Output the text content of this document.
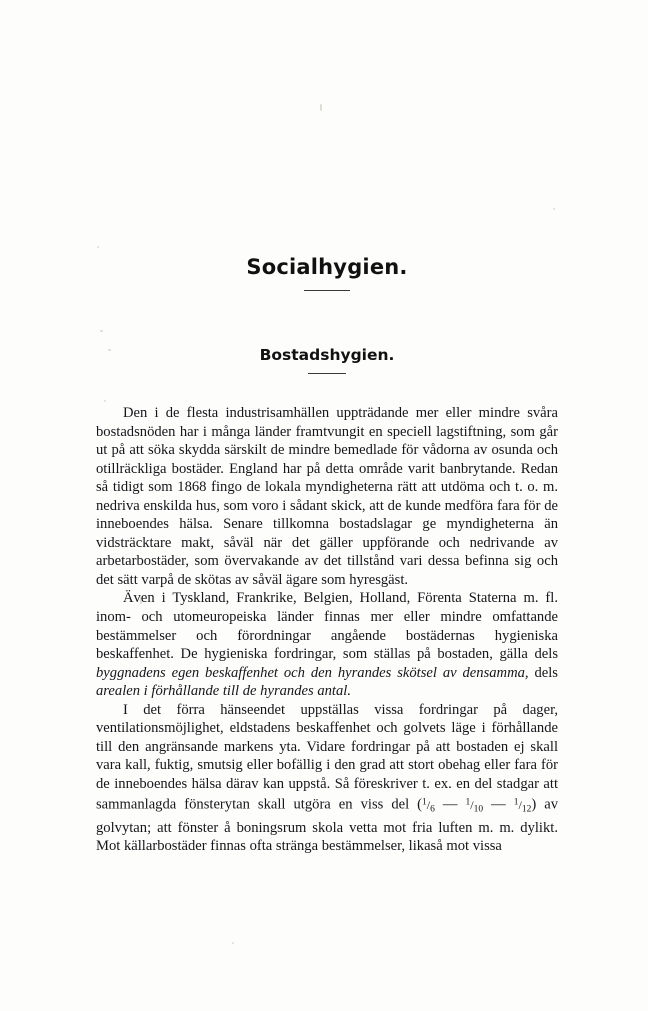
Socialhygien.
Bostadshygien.

Den i de flesta industrisamhällen uppträdande mer eller mindre svåra bostadsnöden har i många länder framtvungit en speciell lagstiftning, som går ut på att söka skydda särskilt de mindre bemedlade för vådorna av osunda och otillräckliga bostäder. England har på detta område varit banbrytande. Redan så tidigt som 1868 fingo de lokala myndigheterna rätt att utdöma och t. o. m. nedriva enskilda hus, som voro i sådant skick, att de kunde medföra fara för de inneboendes hälsa. Senare tillkomna bostadslagar ge myndigheterna än vidsträcktare makt, såväl när det gäller uppförande och nedrivande av arbetarbostäder, som övervakande av det tillstånd vari dessa befinna sig och det sätt varpå de skötas av såväl ägare som hyresgäst.

Även i Tyskland, Frankrike, Belgien, Holland, Förenta Staterna m. fl. inom- och utomeuropeiska länder finnas mer eller mindre omfattande bestämmelser och förordningar angående bostädernas hygieniska beskaffenhet. De hygieniska fordringar, som ställas på bostaden, gälla dels byggnadens egen beskaffenhet och den hyrandes skötsel av densamma, dels arealen i förhållande till de hyrandes antal.

I det förra hänseendet uppställas vissa fordringar på dager, ventilationsmöjlighet, eldstadens beskaffenhet och golvets läge i förhållande till den angränsande markens yta. Vidare fordringar på att bostaden ej skall vara kall, fuktig, smutsig eller bofällig i den grad att stort obehag eller fara för de inneboendes hälsa därav kan uppstå. Så föreskriver t. ex. en del stadgar att sammanlagda fönsterytan skall utgöra en viss del ($^1/_6$ — $^1/_{10}$ — $^1/_{12}$) av golvytan; att fönster å boningsrum skola vetta mot fria luften m. m. dylikt. Mot källarbostäder finnas ofta stränga bestämmelser, likaså mot vissa
